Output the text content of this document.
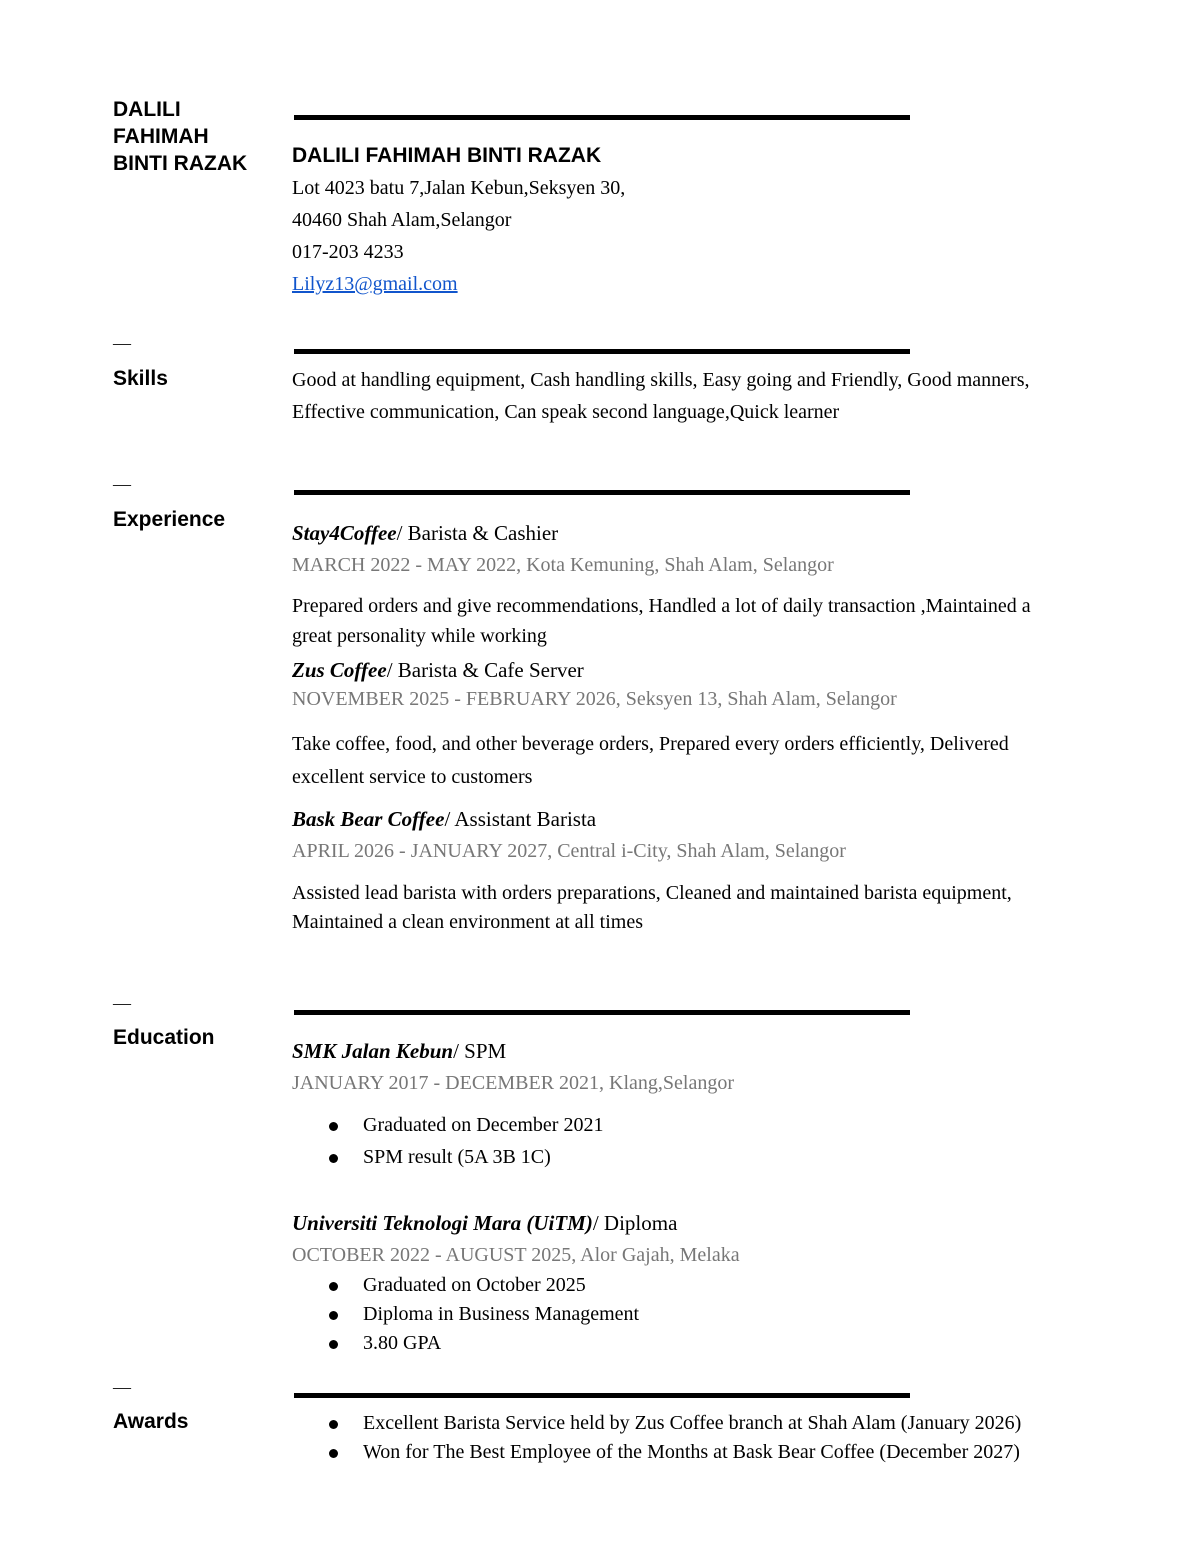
DALILI
FAHIMAH
BINTI RAZAK	DALILI FAHIMAH BINTI RAZAK
Lot 4023 batu 7,Jalan Kebun,Seksyen 30,
40460 Shah Alam,Selangor
017-203 4233
Lilyz13@gmail.com
—
Skills	Good at handling equipment, Cash handling skills, Easy going and Friendly, Good manners,
Effective communication, Can speak second language,Quick learner
—
Experience
Stay4Coffee/ Barista & Cashier
MARCH 2022 - MAY 2022, Kota Kemuning, Shah Alam, Selangor
Prepared orders and give recommendations, Handled a lot of daily transaction ,Maintained a
great personality while working
Zus Coffee/ Barista & Cafe Server
NOVEMBER 2025 - FEBRUARY 2026, Seksyen 13, Shah Alam, Selangor
Take coffee, food, and other beverage orders, Prepared every orders efficiently, Delivered
excellent service to customers
Bask Bear Coffee/ Assistant Barista
APRIL 2026 - JANUARY 2027, Central i-City, Shah Alam, Selangor
Assisted lead barista with orders preparations, Cleaned and maintained barista equipment,
Maintained a clean environment at all times
—
Education
SMK Jalan Kebun/ SPM
JANUARY 2017 - DECEMBER 2021, Klang,Selangor
Graduated on December 2021
SPM result (5A 3B 1C)
Universiti Teknologi Mara (UiTM)/ Diploma
OCTOBER 2022 - AUGUST 2025, Alor Gajah, Melaka
Graduated on October 2025
Diploma in Business Management
3.80 GPA
—
Awards	Excellent Barista Service held by Zus Coffee branch at Shah Alam (January 2026)
Won for The Best Employee of the Months at Bask Bear Coffee (December 2027)
